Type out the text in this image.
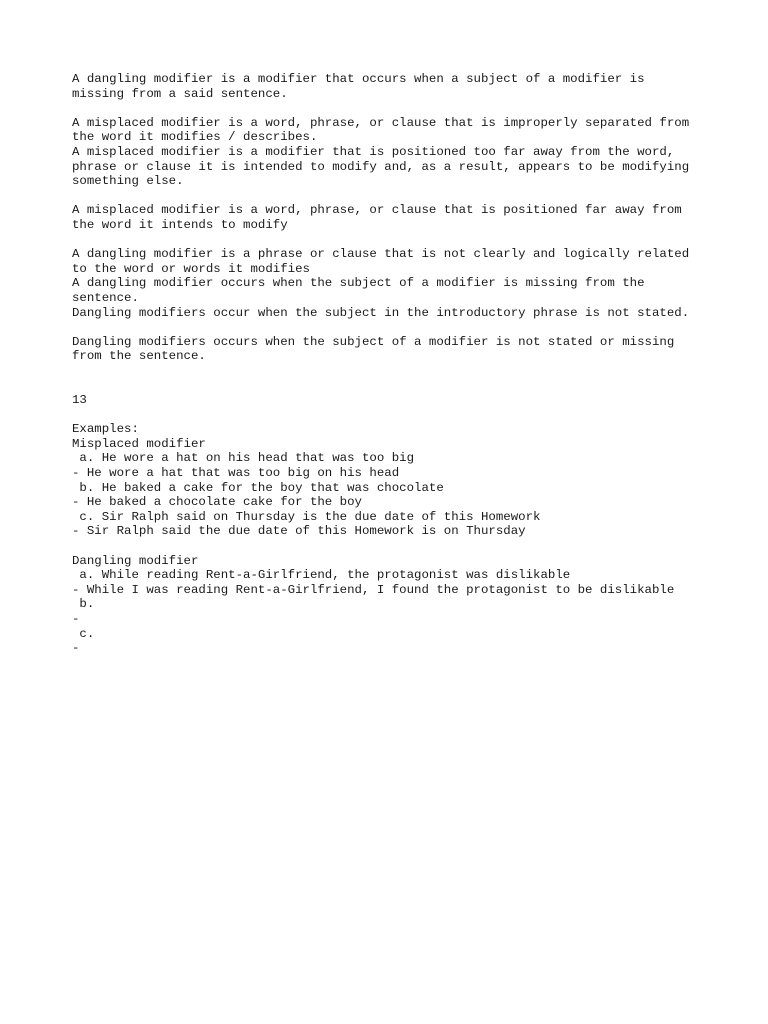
A dangling modifier is a modifier that occurs when a subject of a modifier is
missing from a said sentence.
A misplaced modifier is a word, phrase, or clause that is improperly separated from
the word it modifies / describes.
A misplaced modifier is a modifier that is positioned too far away from the word,
phrase or clause it is intended to modify and, as a result, appears to be modifying
something else.
A misplaced modifier is a word, phrase, or clause that is positioned far away from
the word it intends to modify
A dangling modifier is a phrase or clause that is not clearly and logically related
to the word or words it modifies
A dangling modifier occurs when the subject of a modifier is missing from the
sentence.
Dangling modifiers occur when the subject in the introductory phrase is not stated.
Dangling modifiers occurs when the subject of a modifier is not stated or missing
from the sentence.
13
Examples:
Misplaced modifier
a. He wore a hat on his head that was too big
- He wore a hat that was too big on his head
b. He baked a cake for the boy that was chocolate
- He baked a chocolate cake for the boy
c. Sir Ralph said on Thursday is the due date of this Homework
- Sir Ralph said the due date of this Homework is on Thursday
Dangling modifier
a. While reading Rent-a-Girlfriend, the protagonist was dislikable
- While I was reading Rent-a-Girlfriend, I found the protagonist to be dislikable
b.
-
c.
-
